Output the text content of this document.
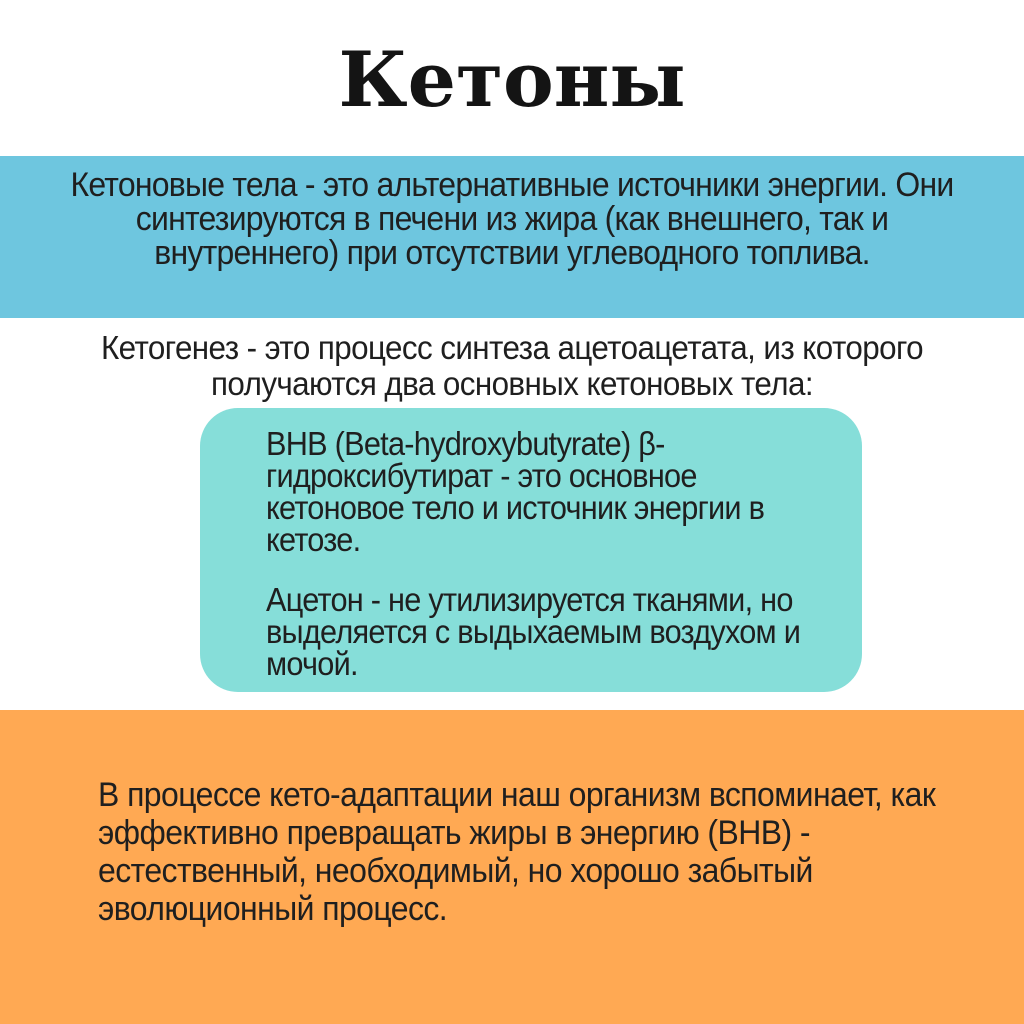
Кетоны

Кетоновые тела - это альтернативные источники энергии. Они синтезируются в печени из жира (как внешнего, так и внутреннего) при отсутствии углеводного топлива.

Кетогенез - это процесс синтеза ацетоацетата, из которого получаются два основных кетоновых тела:

BHB (Beta-hydroxybutyrate) β-гидроксибутират - это основное кетоновое тело и источник энергии в кетозе.

Ацетон - не утилизируется тканями, но выделяется с выдыхаемым воздухом и мочой.

В процессе кето-адаптации наш организм вспоминает, как эффективно превращать жиры в энергию (BHB) - естественный, необходимый, но хорошо забытый эволюционный процесс.
